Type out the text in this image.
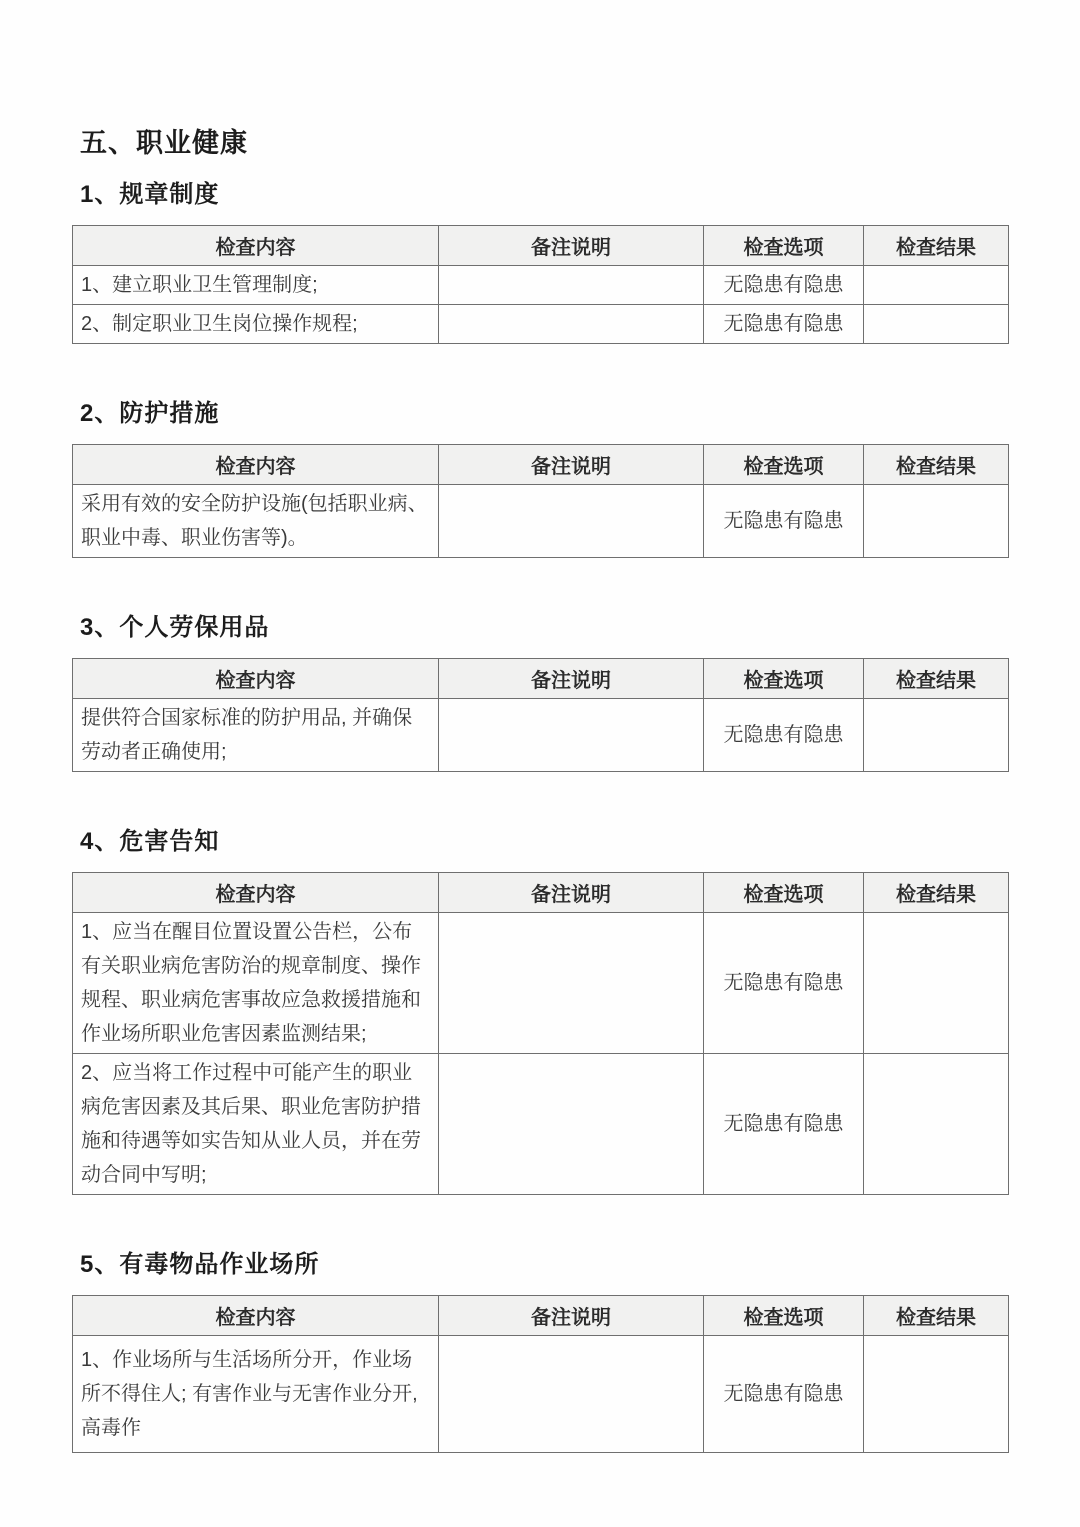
五、职业健康
1、规章制度
检查内容	备注说明	检查选项	检查结果
1、建立职业卫生管理制度;		无隐患有隐患	
2、制定职业卫生岗位操作规程;		无隐患有隐患	
2、防护措施
检查内容	备注说明	检查选项	检查结果
采用有效的安全防护设施(包括职业病、职业中毒、职业伤害等)。		无隐患有隐患	
3、个人劳保用品
检查内容	备注说明	检查选项	检查结果
提供符合国家标准的防护用品, 并确保劳动者正确使用;		无隐患有隐患	
4、危害告知
检查内容	备注说明	检查选项	检查结果
1、应当在醒目位置设置公告栏，公布有关职业病危害防治的规章制度、操作规程、职业病危害事故应急救援措施和作业场所职业危害因素监测结果;		无隐患有隐患	
2、应当将工作过程中可能产生的职业病危害因素及其后果、职业危害防护措施和待遇等如实告知从业人员，并在劳动合同中写明;		无隐患有隐患	
5、有毒物品作业场所
检查内容	备注说明	检查选项	检查结果
1、作业场所与生活场所分开，作业场所不得住人; 有害作业与无害作业分开, 高毒作		无隐患有隐患	
